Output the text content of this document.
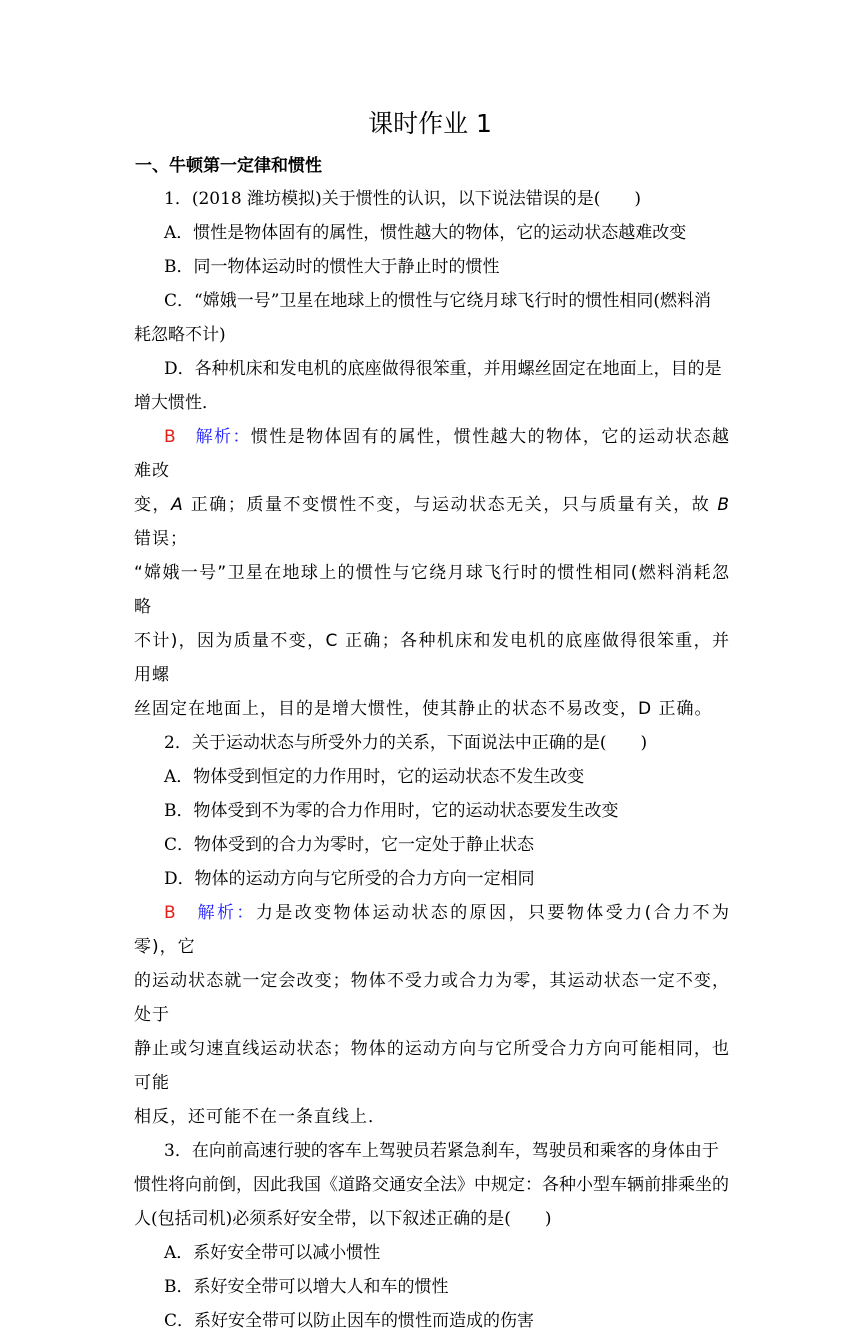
课时作业 1
一、牛顿第一定律和惯性

1．(2018 潍坊模拟)关于惯性的认识，以下说法错误的是(　　)

A．惯性是物体固有的属性，惯性越大的物体，它的运动状态越难改变

B．同一物体运动时的惯性大于静止时的惯性

C．“嫦娥一号”卫星在地球上的惯性与它绕月球飞行时的惯性相同(燃料消

耗忽略不计)

D．各种机床和发电机的底座做得很笨重，并用螺丝固定在地面上，目的是

增大惯性．

B　 解析：惯性是物体固有的属性，惯性越大的物体，它的运动状态越难改

变，A 正确；质量不变惯性不变，与运动状态无关，只与质量有关，故 B 错误；

“嫦娥一号”卫星在地球上的惯性与它绕月球飞行时的惯性相同(燃料消耗忽略

不计)，因为质量不变，C 正确；各种机床和发电机的底座做得很笨重，并用螺

丝固定在地面上，目的是增大惯性，使其静止的状态不易改变，D 正确。

2．关于运动状态与所受外力的关系，下面说法中正确的是(　　)

A．物体受到恒定的力作用时，它的运动状态不发生改变

B．物体受到不为零的合力作用时，它的运动状态要发生改变

C．物体受到的合力为零时，它一定处于静止状态

D．物体的运动方向与它所受的合力方向一定相同

B　 解析：力是改变物体运动状态的原因，只要物体受力(合力不为零)，它

的运动状态就一定会改变；物体不受力或合力为零，其运动状态一定不变，处于

静止或匀速直线运动状态；物体的运动方向与它所受合力方向可能相同，也可能

相反，还可能不在一条直线上．

3．在向前高速行驶的客车上驾驶员若紧急刹车，驾驶员和乘客的身体由于

惯性将向前倒，因此我国《道路交通安全法》中规定：各种小型车辆前排乘坐的

人(包括司机)必须系好安全带，以下叙述正确的是(　　)

A．系好安全带可以减小惯性

B．系好安全带可以增大人和车的惯性

C．系好安全带可以防止因车的惯性而造成的伤害
